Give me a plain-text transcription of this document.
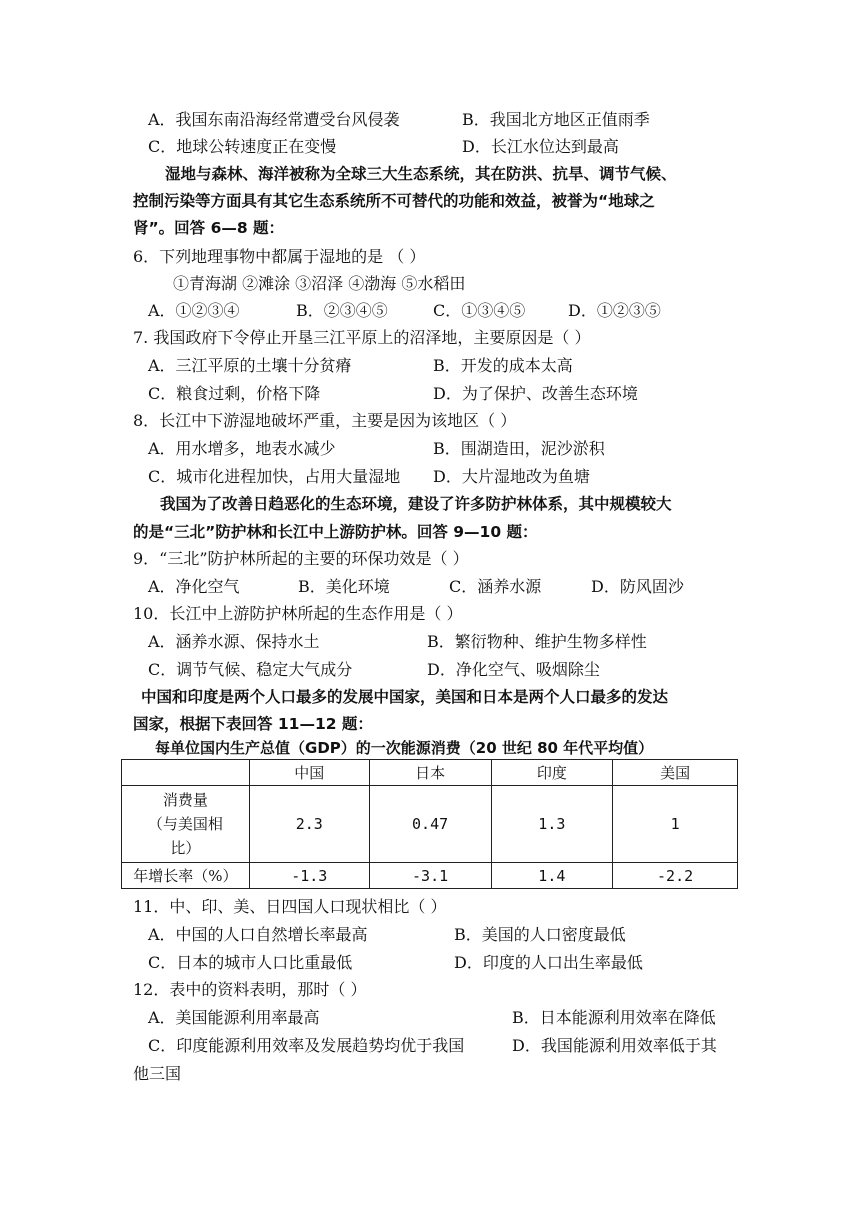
A．我国东南沿海经常遭受台风侵袭	B．我国北方地区正值雨季
C．地球公转速度正在变慢	D．长江水位达到最高
湿地与森林、海洋被称为全球三大生态系统，其在防洪、抗旱、调节气候、
控制污染等方面具有其它生态系统所不可替代的功能和效益，被誉为“地球之
肾”。回答 6—8 题：
6．下列地理事物中都属于湿地的是 （ ）
①青海湖 ②滩涂 ③沼泽 ④渤海 ⑤水稻田
A．①②③④	B．②③④⑤	C．①③④⑤	D．①②③⑤
7. 我国政府下令停止开垦三江平原上的沼泽地，主要原因是（ ）
A．三江平原的土壤十分贫瘠	B．开发的成本太高
C．粮食过剩，价格下降	D．为了保护、改善生态环境
8．长江中下游湿地破坏严重，主要是因为该地区（ ）
A．用水增多，地表水减少	B．围湖造田，泥沙淤积
C．城市化进程加快，占用大量湿地 D．大片湿地改为鱼塘
我国为了改善日趋恶化的生态环境，建设了许多防护林体系，其中规模较大
的是“三北”防护林和长江中上游防护林。回答 9—10 题：
9．“三北”防护林所起的主要的环保功效是（ ）
A．净化空气	B．美化环境	C．涵养水源	D．防风固沙
10．长江中上游防护林所起的生态作用是（ ）
A．涵养水源、保持水土	B．繁衍物种、维护生物多样性
C．调节气候、稳定大气成分	D．净化空气、吸烟除尘
中国和印度是两个人口最多的发展中国家，美国和日本是两个人口最多的发达
国家，根据下表回答 11—12 题：
每单位国内生产总值（GDP）的一次能源消费（20 世纪 80 年代平均值）
	中国	日本	印度	美国

消费量
（与美国相
比）	2.3	0.47	1.3	1
年增长率（%）	-1.3	-3.1	1.4	-2.2
11．中、印、美、日四国人口现状相比（ ）
A．中国的人口自然增长率最高	B．美国的人口密度最低
C．日本的城市人口比重最低	D．印度的人口出生率最低
12．表中的资料表明，那时（ ）
A．美国能源利用率最高	B．日本能源利用效率在降低
C．印度能源利用效率及发展趋势均优于我国	D．我国能源利用效率低于其
他三国
